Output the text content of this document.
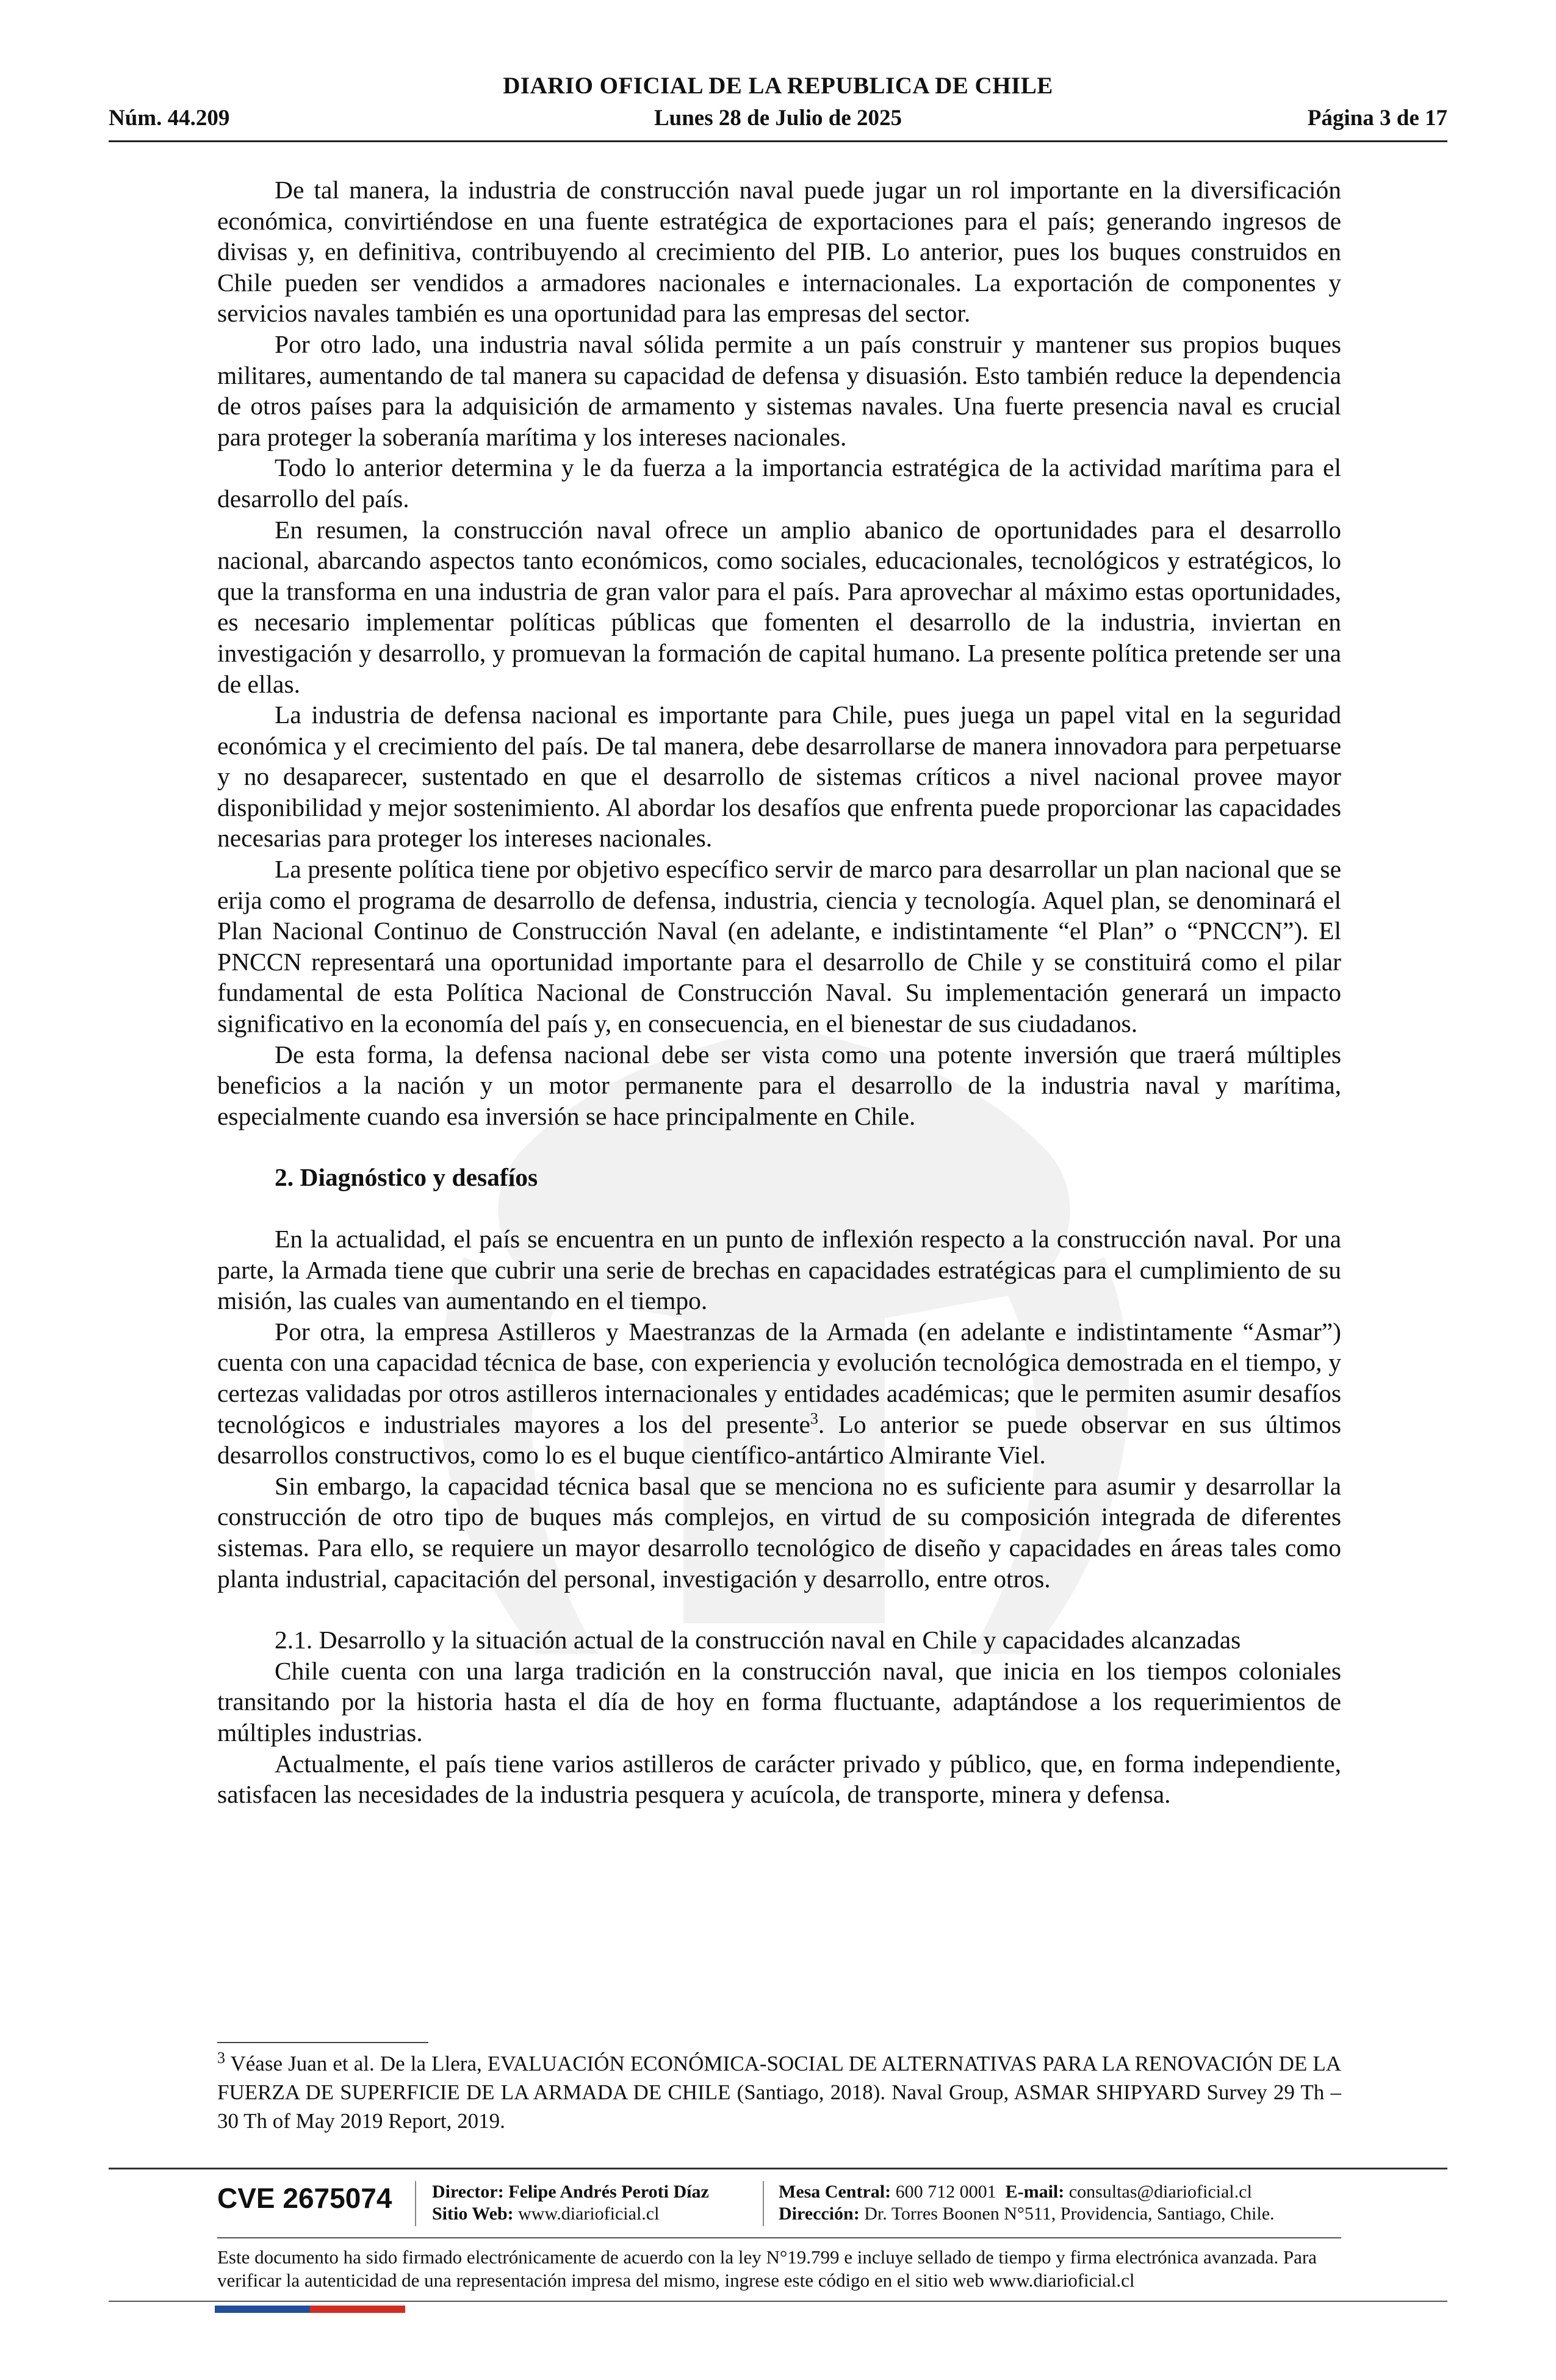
DIARIO OFICIAL DE LA REPUBLICA DE CHILE
Núm. 44.209	Lunes 28 de Julio de 2025	Página 3 de 17

De tal manera, la industria de construcción naval puede jugar un rol importante en la diversificación económica, convirtiéndose en una fuente estratégica de exportaciones para el país; generando ingresos de divisas y, en definitiva, contribuyendo al crecimiento del PIB. Lo anterior, pues los buques construidos en Chile pueden ser vendidos a armadores nacionales e internacionales. La exportación de componentes y servicios navales también es una oportunidad para las empresas del sector.

Por otro lado, una industria naval sólida permite a un país construir y mantener sus propios buques militares, aumentando de tal manera su capacidad de defensa y disuasión. Esto también reduce la dependencia de otros países para la adquisición de armamento y sistemas navales. Una fuerte presencia naval es crucial para proteger la soberanía marítima y los intereses nacionales.

Todo lo anterior determina y le da fuerza a la importancia estratégica de la actividad marítima para el desarrollo del país.

En resumen, la construcción naval ofrece un amplio abanico de oportunidades para el desarrollo nacional, abarcando aspectos tanto económicos, como sociales, educacionales, tecnológicos y estratégicos, lo que la transforma en una industria de gran valor para el país. Para aprovechar al máximo estas oportunidades, es necesario implementar políticas públicas que fomenten el desarrollo de la industria, inviertan en investigación y desarrollo, y promuevan la formación de capital humano. La presente política pretende ser una de ellas.

La industria de defensa nacional es importante para Chile, pues juega un papel vital en la seguridad económica y el crecimiento del país. De tal manera, debe desarrollarse de manera innovadora para perpetuarse y no desaparecer, sustentado en que el desarrollo de sistemas críticos a nivel nacional provee mayor disponibilidad y mejor sostenimiento. Al abordar los desafíos que enfrenta puede proporcionar las capacidades necesarias para proteger los intereses nacionales.

La presente política tiene por objetivo específico servir de marco para desarrollar un plan nacional que se erija como el programa de desarrollo de defensa, industria, ciencia y tecnología. Aquel plan, se denominará el Plan Nacional Continuo de Construcción Naval (en adelante, e indistintamente “el Plan” o “PNCCN”). El PNCCN representará una oportunidad importante para el desarrollo de Chile y se constituirá como el pilar fundamental de esta Política Nacional de Construcción Naval. Su implementación generará un impacto significativo en la economía del país y, en consecuencia, en el bienestar de sus ciudadanos.

De esta forma, la defensa nacional debe ser vista como una potente inversión que traerá múltiples beneficios a la nación y un motor permanente para el desarrollo de la industria naval y marítima, especialmente cuando esa inversión se hace principalmente en Chile.

2. Diagnóstico y desafíos

En la actualidad, el país se encuentra en un punto de inflexión respecto a la construcción naval. Por una parte, la Armada tiene que cubrir una serie de brechas en capacidades estratégicas para el cumplimiento de su misión, las cuales van aumentando en el tiempo.

Por otra, la empresa Astilleros y Maestranzas de la Armada (en adelante e indistintamente “Asmar”) cuenta con una capacidad técnica de base, con experiencia y evolución tecnológica demostrada en el tiempo, y certezas validadas por otros astilleros internacionales y entidades académicas; que le permiten asumir desafíos tecnológicos e industriales mayores a los del presente$^3$. Lo anterior se puede observar en sus últimos desarrollos constructivos, como lo es el buque científico-antártico Almirante Viel.

Sin embargo, la capacidad técnica basal que se menciona no es suficiente para asumir y desarrollar la construcción de otro tipo de buques más complejos, en virtud de su composición integrada de diferentes sistemas. Para ello, se requiere un mayor desarrollo tecnológico de diseño y capacidades en áreas tales como planta industrial, capacitación del personal, investigación y desarrollo, entre otros.

2.1. Desarrollo y la situación actual de la construcción naval en Chile y capacidades alcanzadas

Chile cuenta con una larga tradición en la construcción naval, que inicia en los tiempos coloniales transitando por la historia hasta el día de hoy en forma fluctuante, adaptándose a los requerimientos de múltiples industrias.

Actualmente, el país tiene varios astilleros de carácter privado y público, que, en forma independiente, satisfacen las necesidades de la industria pesquera y acuícola, de transporte, minera y defensa.

$^3$ Véase Juan et al. De la Llera, EVALUACIÓN ECONÓMICA-SOCIAL DE ALTERNATIVAS PARA LA RENOVACIÓN DE LA FUERZA DE SUPERFICIE DE LA ARMADA DE CHILE (Santiago, 2018). Naval Group, ASMAR SHIPYARD Survey 29 Th – 30 Th of May 2019 Report, 2019.
CVE 2675074 Director: Felipe Andrés Peroti Díaz
Sitio Web: www.diarioficial.cl
Mesa Central: 600 712 0001 E-mail: consultas@diarioficial.cl
Dirección: Dr. Torres Boonen N°511, Providencia, Santiago, Chile.
Este documento ha sido firmado electrónicamente de acuerdo con la ley N°19.799 e incluye sellado de tiempo y firma electrónica avanzada. Para verificar la autenticidad de una representación impresa del mismo, ingrese este código en el sitio web www.diarioficial.cl
